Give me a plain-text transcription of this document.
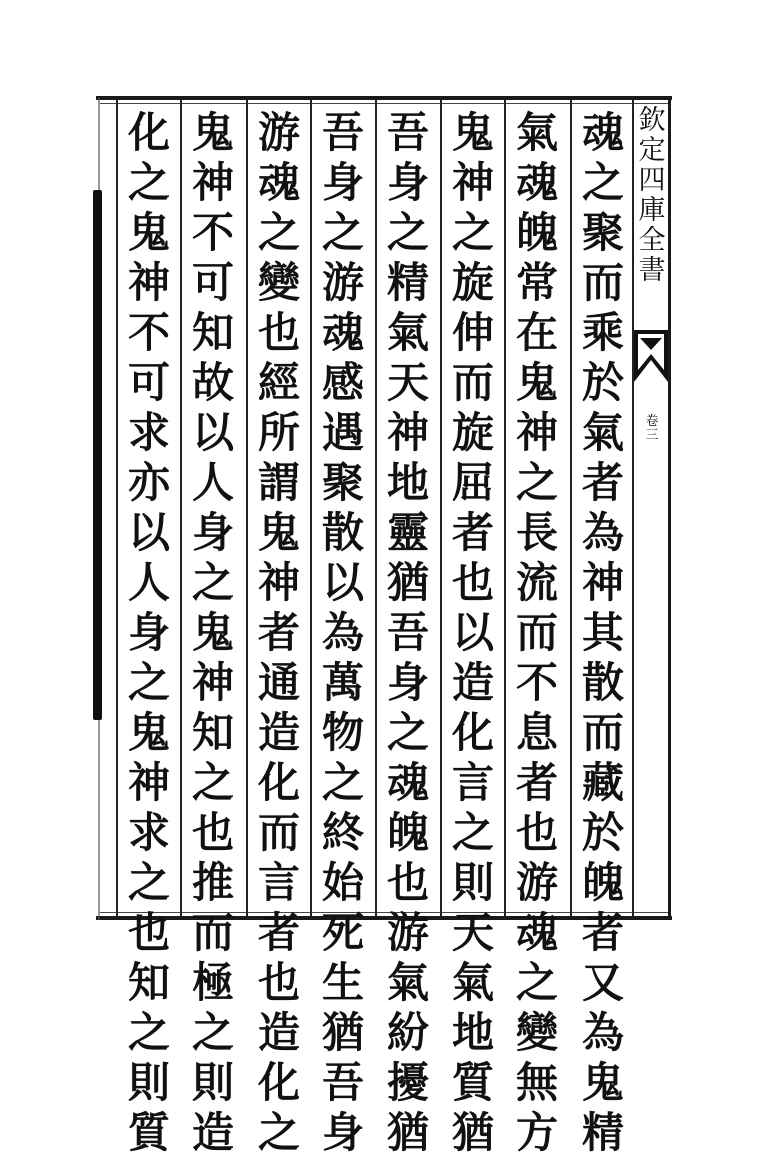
欽
定
四
庫
全
書
卷
三
魂
之
聚
而
乘
於
氣
者
為
神
其
散
而
藏
於
魄
者
又
為
鬼
精
氣
魂
魄
常
在
鬼
神
之
長
流
而
不
息
者
也
游
魂
之
變
無
方
鬼
神
之
旋
伸
而
旋
屈
者
也
以
造
化
言
之
則
天
氣
地
質
猶
吾
身
之
精
氣
天
神
地
靈
猶
吾
身
之
魂
魄
也
游
氣
紛
擾
猶
吾
身
之
游
魂
感
遇
聚
散
以
為
萬
物
之
終
始
死
生
猶
吾
身
游
魂
之
變
也
經
所
謂
鬼
神
者
通
造
化
而
言
者
也
造
化
之
鬼
神
不
可
知
故
以
人
身
之
鬼
神
知
之
也
推
而
極
之
則
造
化
之
鬼
神
不
可
求
亦
以
人
身
之
鬼
神
求
之
也
知
之
則
質
